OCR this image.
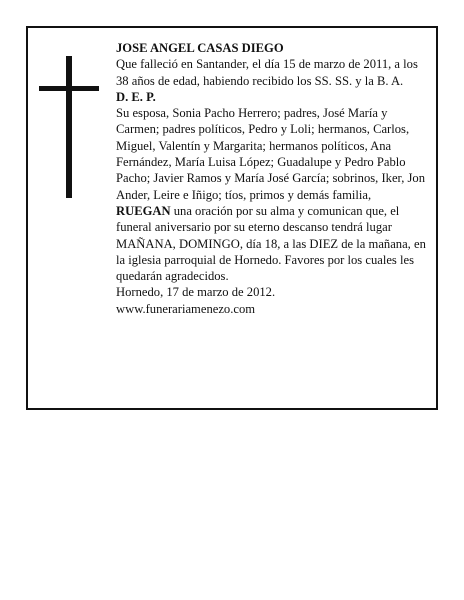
JOSE ANGEL CASAS DIEGO

Que falleció en Santander, el día 15 de marzo de 2011, a los 38 años de edad, habiendo recibido los SS. SS. y la B. A.

D. E. P.

Su esposa, Sonia Pacho Herrero; padres, José María y Carmen; padres políticos, Pedro y Loli; hermanos, Carlos, Miguel, Valentín y Margarita; hermanos políticos, Ana Fernández, María Luisa López; Guadalupe y Pedro Pablo Pacho; Javier Ramos y María José García; sobrinos, Iker, Jon Ander, Leire e Iñigo; tíos, primos y demás familia,

RUEGAN una oración por su alma y comunican que, el funeral aniversario por su eterno descanso tendrá lugar MAÑANA, DOMINGO, día 18, a las DIEZ de la mañana, en la iglesia parroquial de Hornedo. Favores por los cuales les quedarán agradecidos.

Hornedo, 17 de marzo de 2012.

www.funerariamenezo.com
